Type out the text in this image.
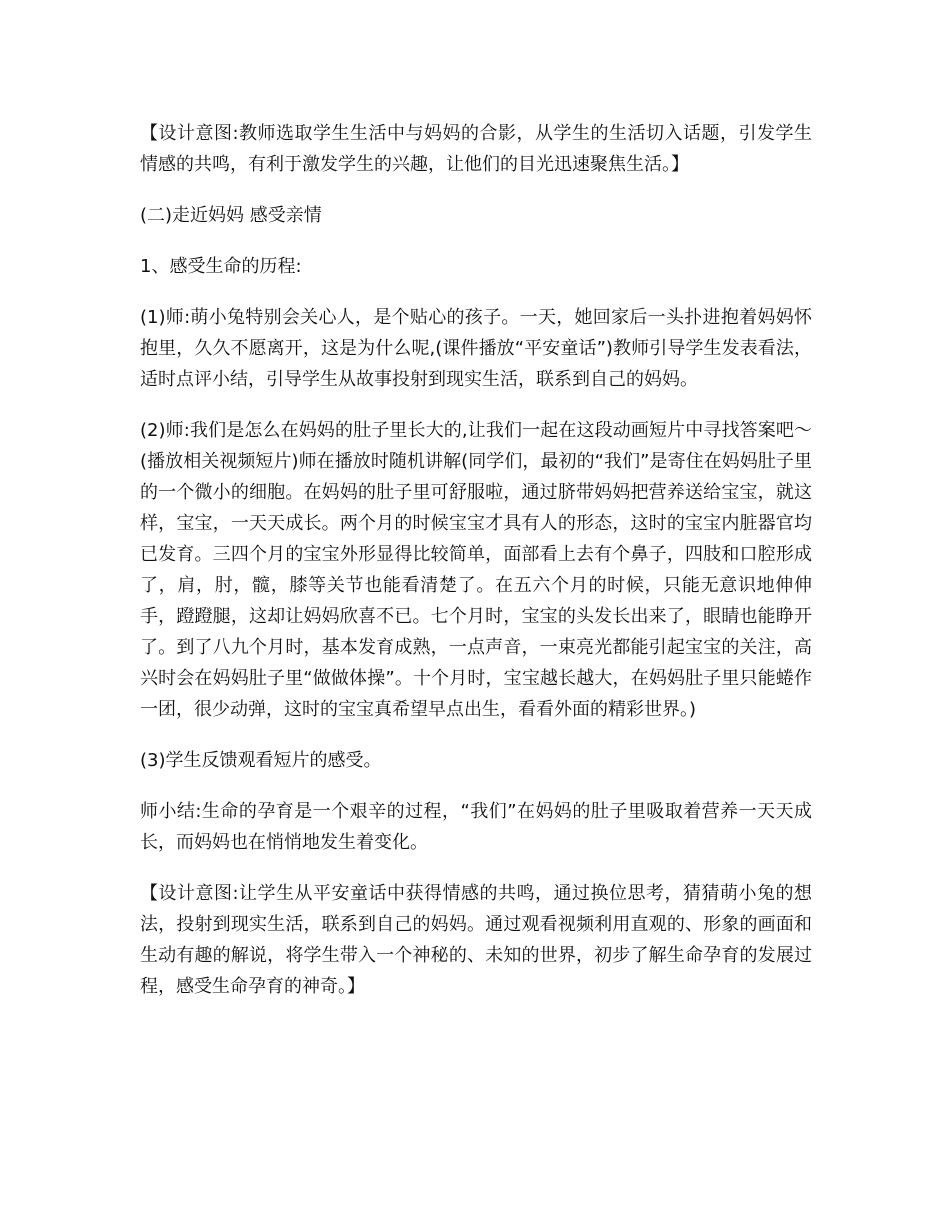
【设计意图:教师选取学生生活中与妈妈的合影，从学生的生活切入话题，引发学生情感的共鸣，有利于激发学生的兴趣，让他们的目光迅速聚焦生活。】

(二)走近妈妈 感受亲情

1、感受生命的历程:

(1)师:萌小兔特别会关心人，是个贴心的孩子。一天，她回家后一头扑进抱着妈妈怀抱里，久久不愿离开，这是为什么呢,(课件播放“平安童话”)教师引导学生发表看法，适时点评小结，引导学生从故事投射到现实生活，联系到自己的妈妈。

(2)师:我们是怎么在妈妈的肚子里长大的,让我们一起在这段动画短片中寻找答案吧～(播放相关视频短片)师在播放时随机讲解(同学们，最初的“我们”是寄住在妈妈肚子里的一个微小的细胞。在妈妈的肚子里可舒服啦，通过脐带妈妈把营养送给宝宝，就这样，宝宝，一天天成长。两个月的时候宝宝才具有人的形态，这时的宝宝内脏器官均已发育。三四个月的宝宝外形显得比较简单，面部看上去有个鼻子，四肢和口腔形成了，肩，肘，髋，膝等关节也能看清楚了。在五六个月的时候，只能无意识地伸伸手，蹬蹬腿，这却让妈妈欣喜不已。七个月时，宝宝的头发长出来了，眼睛也能睁开了。到了八九个月时，基本发育成熟，一点声音，一束亮光都能引起宝宝的关注，高兴时会在妈妈肚子里“做做体操”。十个月时，宝宝越长越大，在妈妈肚子里只能蜷作一团，很少动弹，这时的宝宝真希望早点出生，看看外面的精彩世界。)

(3)学生反馈观看短片的感受。

师小结:生命的孕育是一个艰辛的过程，“我们”在妈妈的肚子里吸取着营养一天天成长，而妈妈也在悄悄地发生着变化。

【设计意图:让学生从平安童话中获得情感的共鸣，通过换位思考，猜猜萌小兔的想法，投射到现实生活，联系到自己的妈妈。通过观看视频利用直观的、形象的画面和生动有趣的解说，将学生带入一个神秘的、未知的世界，初步了解生命孕育的发展过程，感受生命孕育的神奇。】
